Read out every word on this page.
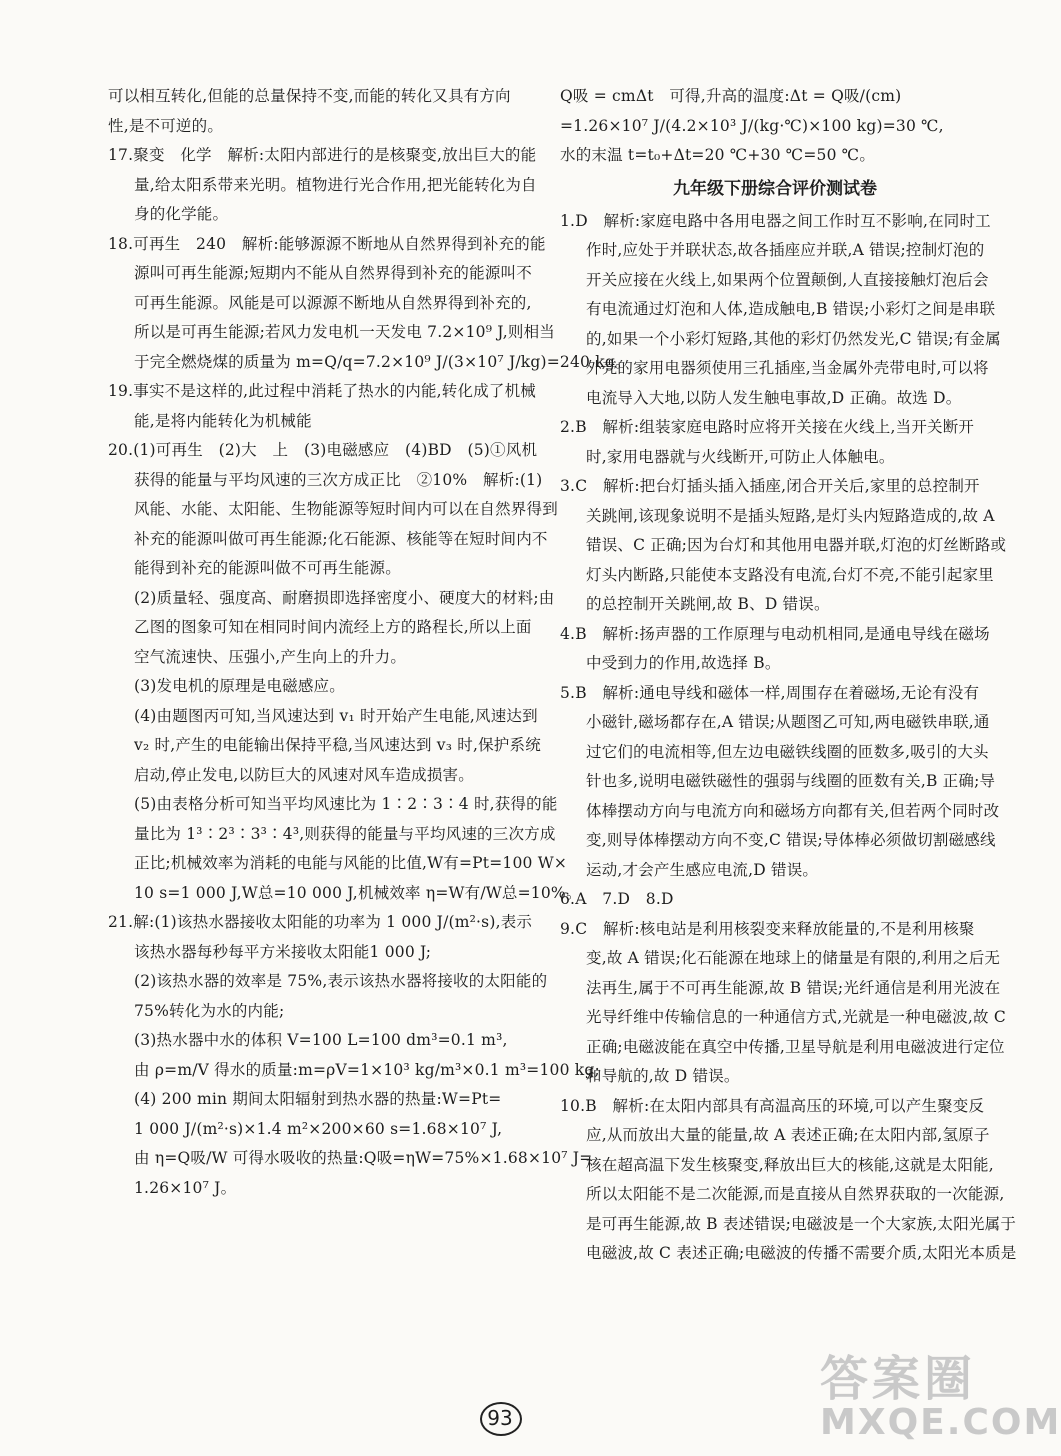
可以相互转化,但能的总量保持不变,而能的转化又具有方向
性,是不可逆的。
17.聚变　化学　解析:太阳内部进行的是核聚变,放出巨大的能
量,给太阳系带来光明。植物进行光合作用,把光能转化为自
身的化学能。
18.可再生　240　解析:能够源源不断地从自然界得到补充的能
源叫可再生能源;短期内不能从自然界得到补充的能源叫不
可再生能源。风能是可以源源不断地从自然界得到补充的,
所以是可再生能源;若风力发电机一天发电 7.2×10⁹ J,则相当
于完全燃烧煤的质量为 m=Q/q=7.2×10⁹ J/(3×10⁷ J/kg)=240 kg。
19.事实不是这样的,此过程中消耗了热水的内能,转化成了机械
能,是将内能转化为机械能
20.(1)可再生　(2)大　上　(3)电磁感应　(4)BD　(5)①风机
获得的能量与平均风速的三次方成正比　②10%　解析:(1)
风能、水能、太阳能、生物能源等短时间内可以在自然界得到
补充的能源叫做可再生能源;化石能源、核能等在短时间内不
能得到补充的能源叫做不可再生能源。
(2)质量轻、强度高、耐磨损即选择密度小、硬度大的材料;由
乙图的图象可知在相同时间内流经上方的路程长,所以上面
空气流速快、压强小,产生向上的升力。
(3)发电机的原理是电磁感应。
(4)由题图丙可知,当风速达到 v₁ 时开始产生电能,风速达到
v₂ 时,产生的电能输出保持平稳,当风速达到 v₃ 时,保护系统
启动,停止发电,以防巨大的风速对风车造成损害。
(5)由表格分析可知当平均风速比为 1∶2∶3∶4 时,获得的能
量比为 1³∶2³∶3³∶4³,则获得的能量与平均风速的三次方成
正比;机械效率为消耗的电能与风能的比值,W有=Pt=100 W×
10 s=1 000 J,W总=10 000 J,机械效率 η=W有/W总=10%。
21.解:(1)该热水器接收太阳能的功率为 1 000 J/(m²·s),表示
该热水器每秒每平方米接收太阳能1 000 J;
(2)该热水器的效率是 75%,表示该热水器将接收的太阳能的
75%转化为水的内能;
(3)热水器中水的体积 V=100 L=100 dm³=0.1 m³,
由 ρ=m/V 得水的质量:m=ρV=1×10³ kg/m³×0.1 m³=100 kg;
(4) 200 min 期间太阳辐射到热水器的热量:W=Pt=
1 000 J/(m²·s)×1.4 m²×200×60 s=1.68×10⁷ J,
由 η=Q吸/W 可得水吸收的热量:Q吸=ηW=75%×1.68×10⁷ J=
1.26×10⁷ J。
Q吸 = cmΔt　可得,升高的温度:Δt = Q吸/(cm)
=1.26×10⁷ J/(4.2×10³ J/(kg·℃)×100 kg)=30 ℃,
水的末温 t=t₀+Δt=20 ℃+30 ℃=50 ℃。
九年级下册综合评价测试卷
1.D　解析:家庭电路中各用电器之间工作时互不影响,在同时工
作时,应处于并联状态,故各插座应并联,A 错误;控制灯泡的
开关应接在火线上,如果两个位置颠倒,人直接接触灯泡后会
有电流通过灯泡和人体,造成触电,B 错误;小彩灯之间是串联
的,如果一个小彩灯短路,其他的彩灯仍然发光,C 错误;有金属
外壳的家用电器须使用三孔插座,当金属外壳带电时,可以将
电流导入大地,以防人发生触电事故,D 正确。故选 D。
2.B　解析:组装家庭电路时应将开关接在火线上,当开关断开
时,家用电器就与火线断开,可防止人体触电。
3.C　解析:把台灯插头插入插座,闭合开关后,家里的总控制开
关跳闸,该现象说明不是插头短路,是灯头内短路造成的,故 A
错误、C 正确;因为台灯和其他用电器并联,灯泡的灯丝断路或
灯头内断路,只能使本支路没有电流,台灯不亮,不能引起家里
的总控制开关跳闸,故 B、D 错误。
4.B　解析:扬声器的工作原理与电动机相同,是通电导线在磁场
中受到力的作用,故选择 B。
5.B　解析:通电导线和磁体一样,周围存在着磁场,无论有没有
小磁针,磁场都存在,A 错误;从题图乙可知,两电磁铁串联,通
过它们的电流相等,但左边电磁铁线圈的匝数多,吸引的大头
针也多,说明电磁铁磁性的强弱与线圈的匝数有关,B 正确;导
体棒摆动方向与电流方向和磁场方向都有关,但若两个同时改
变,则导体棒摆动方向不变,C 错误;导体棒必须做切割磁感线
运动,才会产生感应电流,D 错误。
6.A　7.D　8.D
9.C　解析:核电站是利用核裂变来释放能量的,不是利用核聚
变,故 A 错误;化石能源在地球上的储量是有限的,利用之后无
法再生,属于不可再生能源,故 B 错误;光纤通信是利用光波在
光导纤维中传输信息的一种通信方式,光就是一种电磁波,故 C
正确;电磁波能在真空中传播,卫星导航是利用电磁波进行定位
和导航的,故 D 错误。
10.B　解析:在太阳内部具有高温高压的环境,可以产生聚变反
应,从而放出大量的能量,故 A 表述正确;在太阳内部,氢原子
核在超高温下发生核聚变,释放出巨大的核能,这就是太阳能,
所以太阳能不是二次能源,而是直接从自然界获取的一次能源,
是可再生能源,故 B 表述错误;电磁波是一个大家族,太阳光属于
电磁波,故 C 表述正确;电磁波的传播不需要介质,太阳光本质是
93
答案圈
MXQE.COM
